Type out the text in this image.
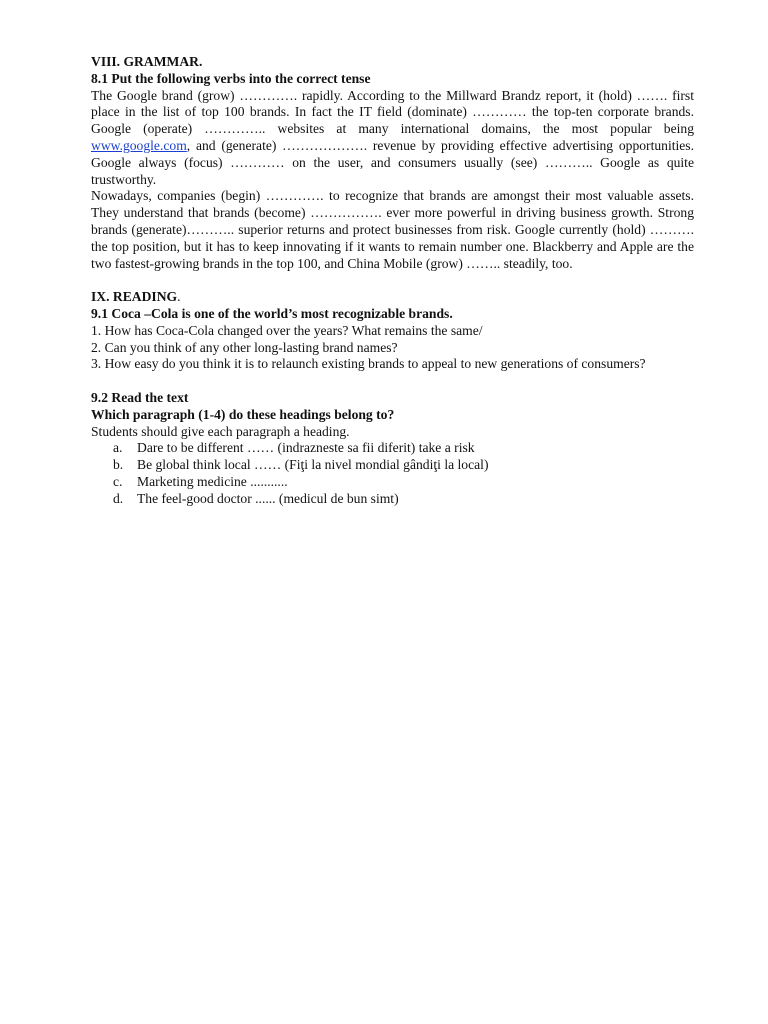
VIII. GRAMMAR.

8.1 Put the following verbs into the correct tense

The Google brand (grow) …………. rapidly. According to the Millward Brandz report, it (hold) ……. first place in the list of top 100 brands. In fact the IT field (dominate) ………… the top-ten corporate brands. Google (operate) ………….. websites at many international domains, the most popular being www.google.com, and (generate) ………………. revenue by providing effective advertising opportunities. Google always (focus) ………… on the user, and consumers usually (see) ……….. Google as quite trustworthy.

Nowadays, companies (begin) …………. to recognize that brands are amongst their most valuable assets. They understand that brands (become) ……………. ever more powerful in driving business growth. Strong brands (generate)……….. superior returns and protect businesses from risk. Google currently (hold) ………. the top position, but it has to keep innovating if it wants to remain number one. Blackberry and Apple are the two fastest-growing brands in the top 100, and China Mobile (grow) …….. steadily, too.

IX. READING.

9.1 Coca –Cola is one of the world’s most recognizable brands.

1. How has Coca-Cola changed over the years? What remains the same/

2. Can you think of any other long-lasting brand names?

3. How easy do you think it is to relaunch existing brands to appeal to new generations of consumers?

9.2 Read the text

Which paragraph (1-4) do these headings belong to?

Students should give each paragraph a heading.

a.	Dare to be different …… (indrazneste sa fii diferit) take a risk
b.	Be global think local …… (Fiţi la nivel mondial gândiţi la local)
c.	Marketing medicine ...........
d.	The feel-good doctor ...... (medicul de bun simt)
